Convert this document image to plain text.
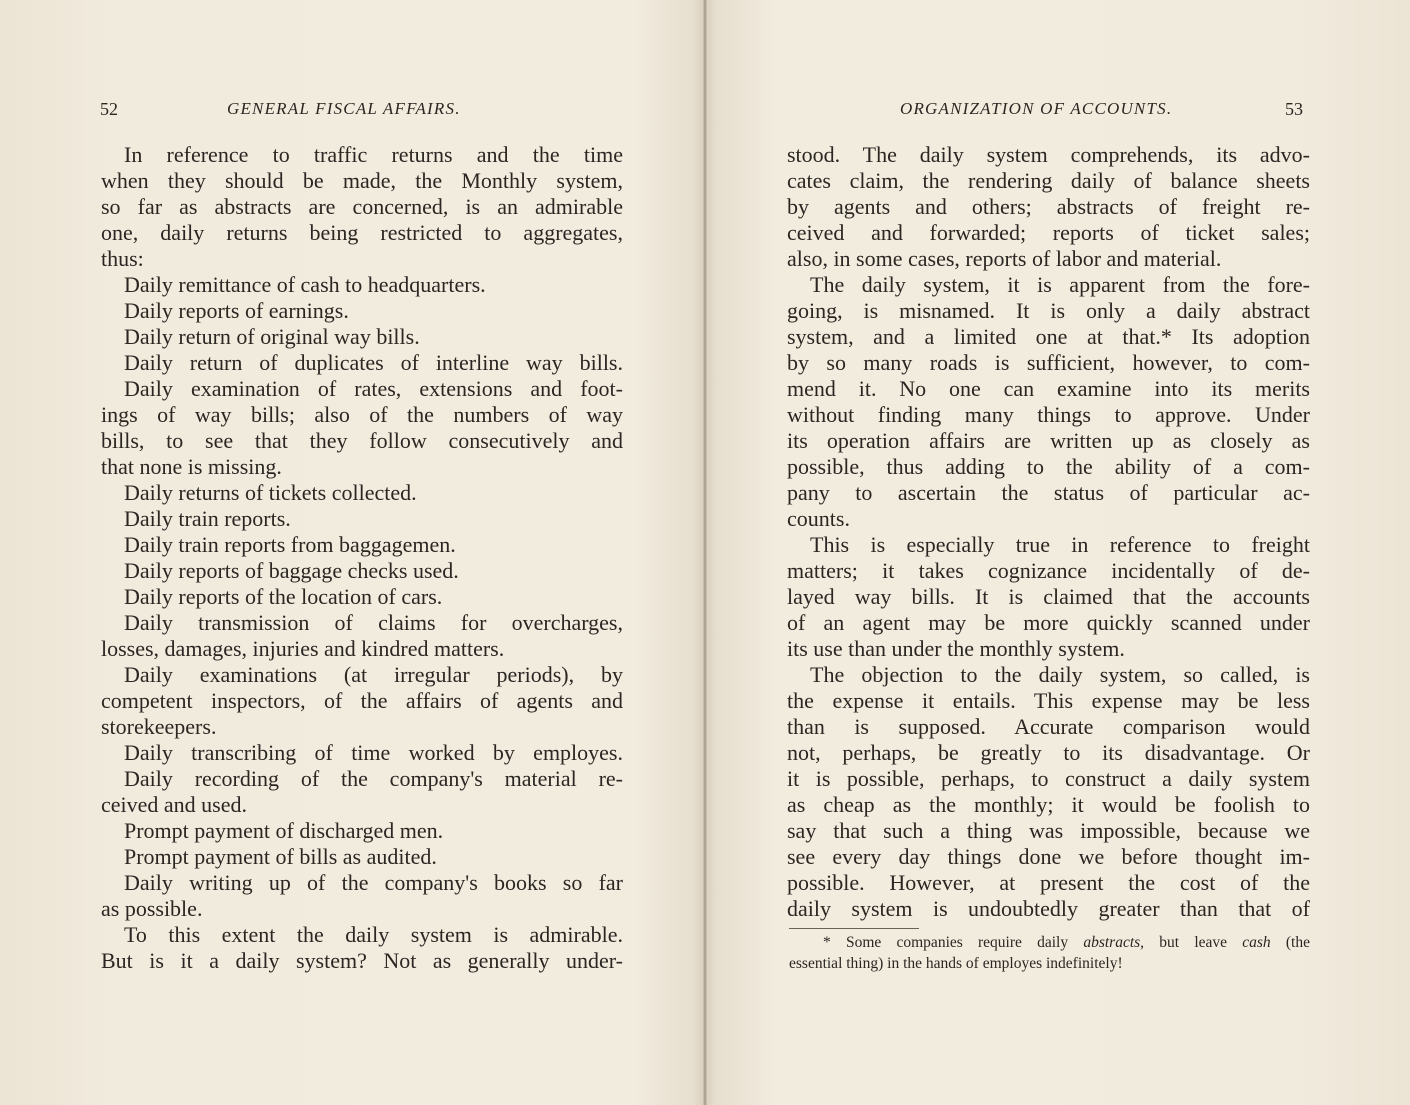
52	GENERAL FISCAL AFFAIRS.
In reference to traffic returns and the time
when they should be made, the Monthly system,
so far as abstracts are concerned, is an admirable
one, daily returns being restricted to aggregates,
thus:
Daily remittance of cash to headquarters.
Daily reports of earnings.
Daily return of original way bills.
Daily return of duplicates of interline way bills.
Daily examination of rates, extensions and foot-
ings of way bills; also of the numbers of way
bills, to see that they follow consecutively and
that none is missing.
Daily returns of tickets collected.
Daily train reports.
Daily train reports from baggagemen.
Daily reports of baggage checks used.
Daily reports of the location of cars.
Daily transmission of claims for overcharges,
losses, damages, injuries and kindred matters.
Daily examinations (at irregular periods), by
competent inspectors, of the affairs of agents and
storekeepers.
Daily transcribing of time worked by employes.
Daily recording of the company's material re-
ceived and used.
Prompt payment of discharged men.
Prompt payment of bills as audited.
Daily writing up of the company's books so far
as possible.
To this extent the daily system is admirable.
But is it a daily system? Not as generally under-
ORGANIZATION OF ACCOUNTS.	53
stood. The daily system comprehends, its advo-
cates claim, the rendering daily of balance sheets
by agents and others; abstracts of freight re-
ceived and forwarded; reports of ticket sales;
also, in some cases, reports of labor and material.
The daily system, it is apparent from the fore-
going, is misnamed. It is only a daily abstract
system, and a limited one at that.* Its adoption
by so many roads is sufficient, however, to com-
mend it. No one can examine into its merits
without finding many things to approve. Under
its operation affairs are written up as closely as
possible, thus adding to the ability of a com-
pany to ascertain the status of particular ac-
counts.
This is especially true in reference to freight
matters; it takes cognizance incidentally of de-
layed way bills. It is claimed that the accounts
of an agent may be more quickly scanned under
its use than under the monthly system.
The objection to the daily system, so called, is
the expense it entails. This expense may be less
than is supposed. Accurate comparison would
not, perhaps, be greatly to its disadvantage. Or
it is possible, perhaps, to construct a daily system
as cheap as the monthly; it would be foolish to
say that such a thing was impossible, because we
see every day things done we before thought im-
possible. However, at present the cost of the
daily system is undoubtedly greater than that of
* Some companies require daily abstracts, but leave cash (the
essential thing) in the hands of employes indefinitely!
